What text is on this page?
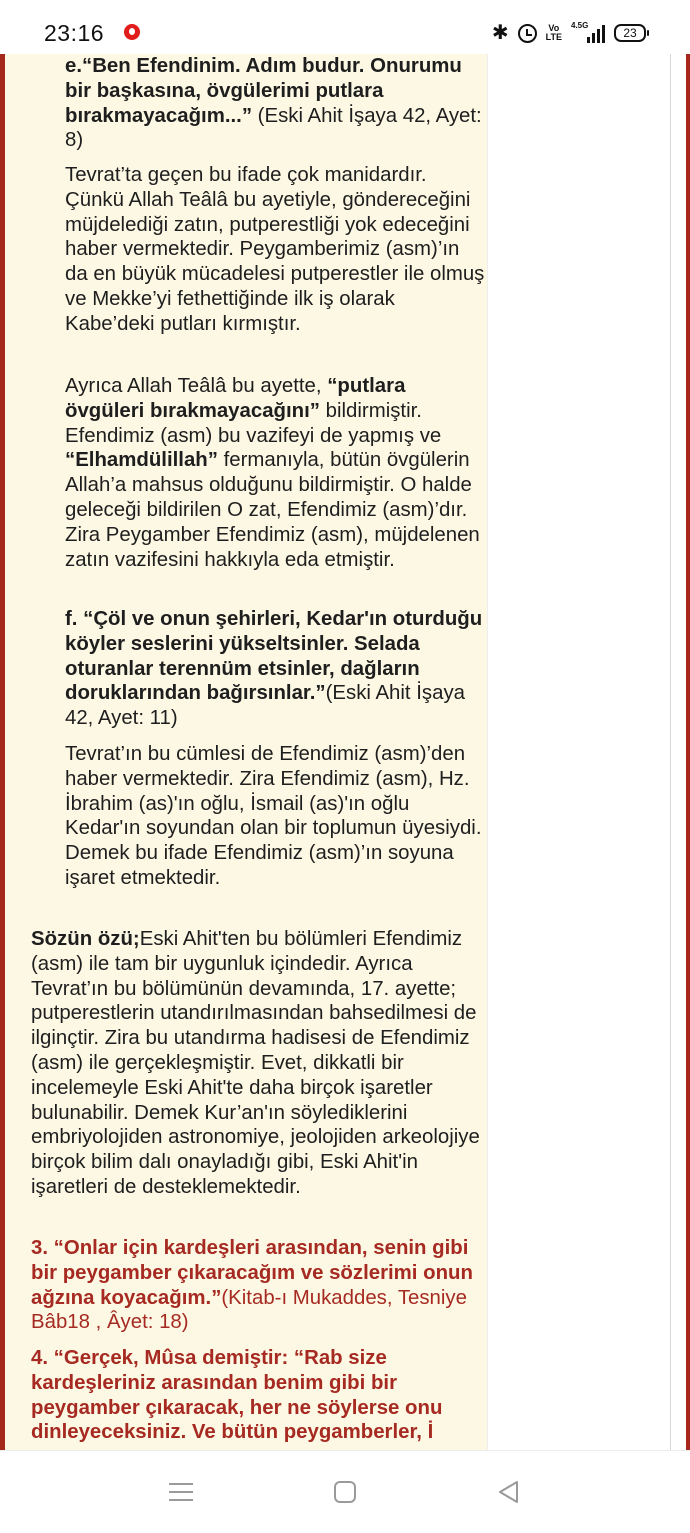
23:16	✱	Vo
LTE
4.5G
23

e.“Ben Efendinim. Adım budur. Onurumu bir başkasına, övgülerimi putlara bırakmayacağım...” (Eski Ahit İşaya 42, Ayet: 8)

Tevrat’ta geçen bu ifade çok manidardır. Çünkü Allah Teâlâ bu ayetiyle, göndereceğini müjdelediği zatın, putperestliği yok edeceğini haber vermektedir. Peygamberimiz (asm)’ın da en büyük mücadelesi putperestler ile olmuş ve Mekke’yi fethettiğinde ilk iş olarak Kabe’deki putları kırmıştır.

Ayrıca Allah Teâlâ bu ayette, “putlara övgüleri bırakmayacağını” bildirmiştir. Efendimiz (asm) bu vazifeyi de yapmış ve “Elhamdülillah” fermanıyla, bütün övgülerin Allah’a mahsus olduğunu bildirmiştir. O halde geleceği bildirilen O zat, Efendimiz (asm)’dır. Zira Peygamber Efendimiz (asm), müjdelenen zatın vazifesini hakkıyla eda etmiştir.

f. “Çöl ve onun şehirleri, Kedar'ın oturduğu köyler seslerini yükseltsinler. Selada oturanlar terennüm etsinler, dağların doruklarından bağırsınlar.”(Eski Ahit İşaya 42, Ayet: 11)

Tevrat’ın bu cümlesi de Efendimiz (asm)’den haber vermektedir. Zira Efendimiz (asm), Hz. İbrahim (as)'ın oğlu, İsmail (as)'ın oğlu Kedar'ın soyundan olan bir toplumun üyesiydi. Demek bu ifade Efendimiz (asm)’ın soyuna işaret etmektedir.

Sözün özü;Eski Ahit'ten bu bölümleri Efendimiz (asm) ile tam bir uygunluk içindedir. Ayrıca Tevrat’ın bu bölümünün devamında, 17. ayette; putperestlerin utandırılmasından bahsedilmesi de ilginçtir. Zira bu utandırma hadisesi de Efendimiz (asm) ile gerçekleşmiştir. Evet, dikkatli bir incelemeyle Eski Ahit'te daha birçok işaretler bulunabilir. Demek Kur’an'ın söylediklerini embriyolojiden astronomiye, jeolojiden arkeolojiye birçok bilim dalı onayladığı gibi, Eski Ahit'in işaretleri de desteklemektedir.

3. “Onlar için kardeşleri arasından, senin gibi bir peygamber çıkaracağım ve sözlerimi onun ağzına koyacağım.”(Kitab-ı Mukaddes, Tesniye Bâb18 , Âyet: 18)

4. “Gerçek, Mûsa demiştir: “Rab size kardeşleriniz arasından benim gibi bir peygamber çıkaracak, her ne söylerse onu dinleyeceksiniz. Ve bütün peygamberler, İ
